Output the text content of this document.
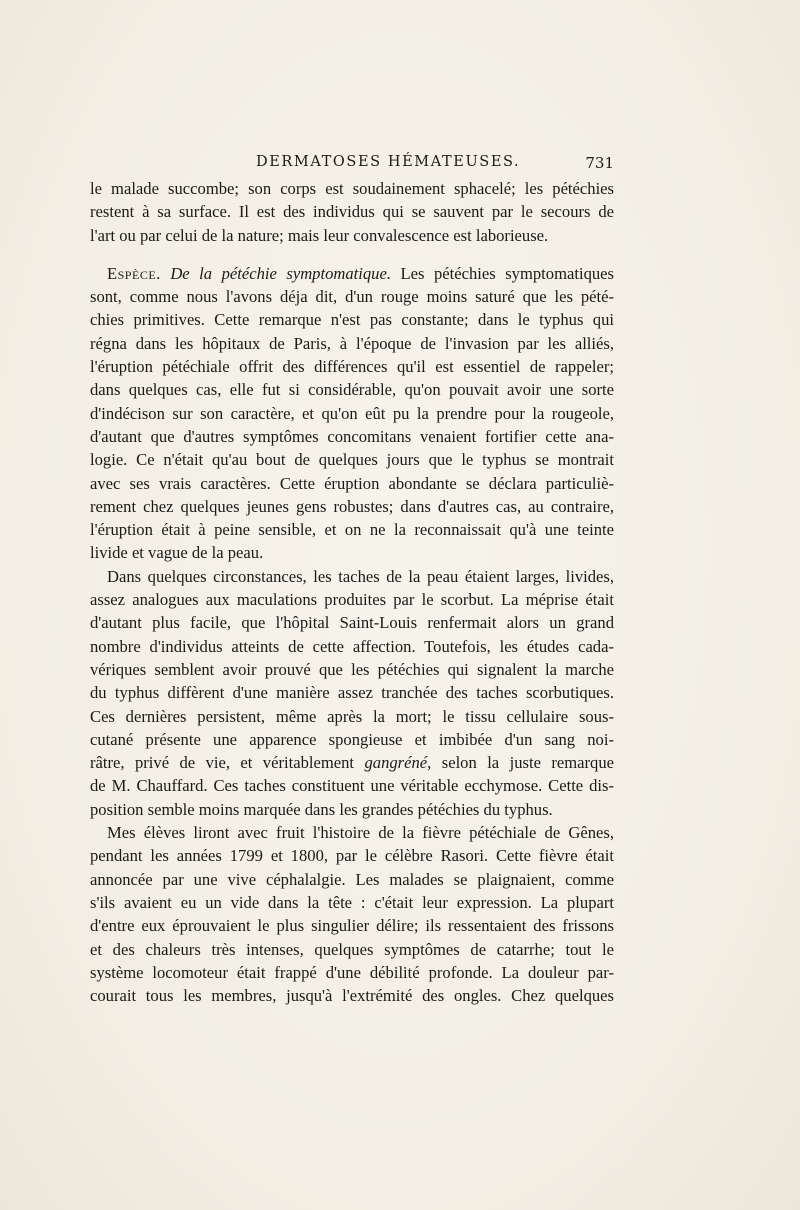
DERMATOSES HÉMATEUSES.	731
le malade succombe; son corps est soudainement sphacelé; les pétéchies
restent à sa surface. Il est des individus qui se sauvent par le secours de
l'art ou par celui de la nature; mais leur convalescence est laborieuse.
Espèce. De la pétéchie symptomatique. Les pétéchies symptomatiques
sont, comme nous l'avons déja dit, d'un rouge moins saturé que les pété-
chies primitives. Cette remarque n'est pas constante; dans le typhus qui
régna dans les hôpitaux de Paris, à l'époque de l'invasion par les alliés,
l'éruption pétéchiale offrit des différences qu'il est essentiel de rappeler;
dans quelques cas, elle fut si considérable, qu'on pouvait avoir une sorte
d'indécison sur son caractère, et qu'on eût pu la prendre pour la rougeole,
d'autant que d'autres symptômes concomitans venaient fortifier cette ana-
logie. Ce n'était qu'au bout de quelques jours que le typhus se montrait
avec ses vrais caractères. Cette éruption abondante se déclara particuliè-
rement chez quelques jeunes gens robustes; dans d'autres cas, au contraire,
l'éruption était à peine sensible, et on ne la reconnaissait qu'à une teinte
livide et vague de la peau.
Dans quelques circonstances, les taches de la peau étaient larges, livides,
assez analogues aux maculations produites par le scorbut. La méprise était
d'autant plus facile, que l'hôpital Saint-Louis renfermait alors un grand
nombre d'individus atteints de cette affection. Toutefois, les études cada-
vériques semblent avoir prouvé que les pétéchies qui signalent la marche
du typhus diffèrent d'une manière assez tranchée des taches scorbutiques.
Ces dernières persistent, même après la mort; le tissu cellulaire sous-
cutané présente une apparence spongieuse et imbibée d'un sang noi-
râtre, privé de vie, et véritablement gangréné, selon la juste remarque
de M. Chauffard. Ces taches constituent une véritable ecchymose. Cette dis-
position semble moins marquée dans les grandes pétéchies du typhus.
Mes élèves liront avec fruit l'histoire de la fièvre pétéchiale de Gênes,
pendant les années 1799 et 1800, par le célèbre Rasori. Cette fièvre était
annoncée par une vive céphalalgie. Les malades se plaignaient, comme
s'ils avaient eu un vide dans la tête : c'était leur expression. La plupart
d'entre eux éprouvaient le plus singulier délire; ils ressentaient des frissons
et des chaleurs très intenses, quelques symptômes de catarrhe; tout le
système locomoteur était frappé d'une débilité profonde. La douleur par-
courait tous les membres, jusqu'à l'extrémité des ongles. Chez quelques
